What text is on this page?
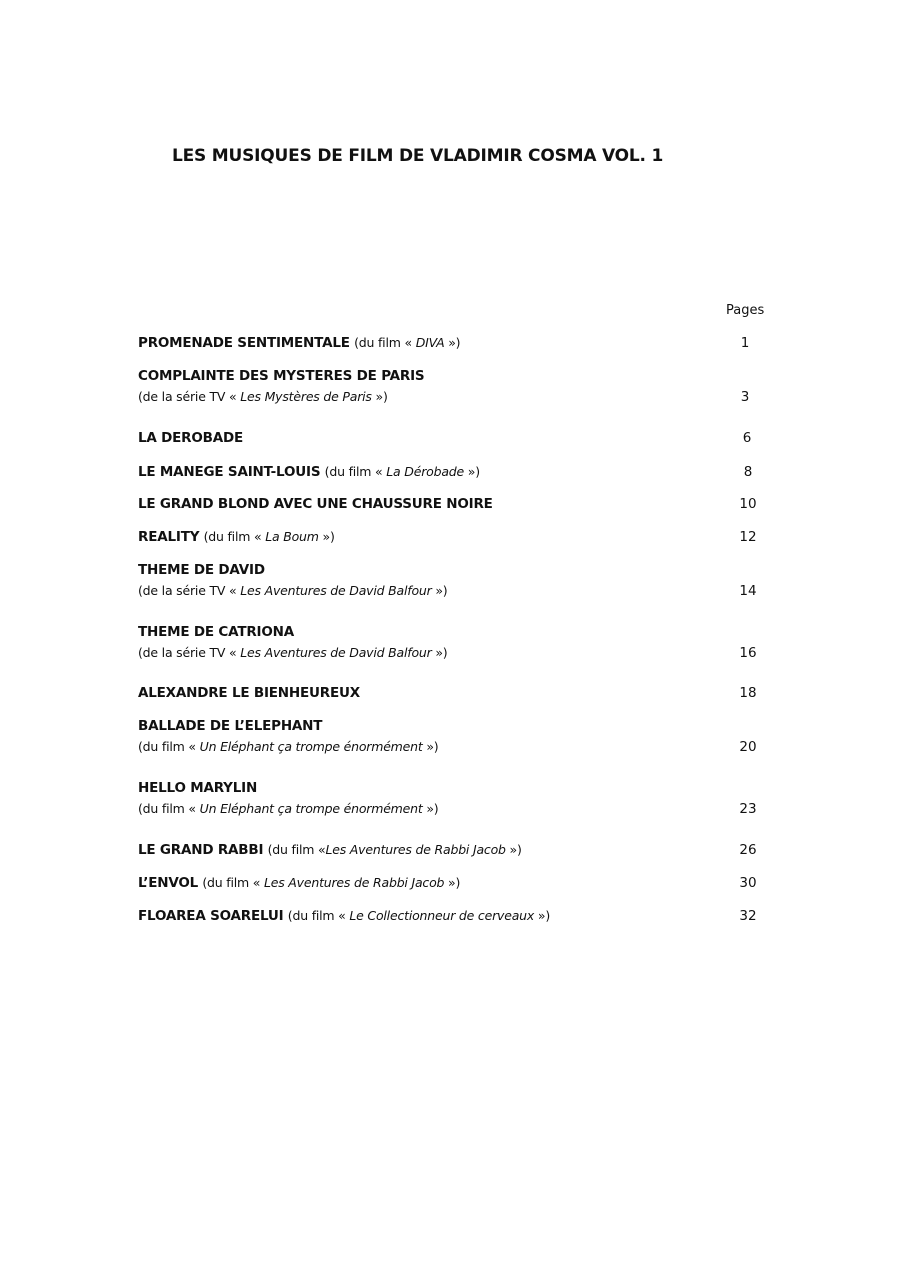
LES MUSIQUES DE FILM DE VLADIMIR COSMA VOL. 1
Pages
PROMENADE SENTIMENTALE (du film « DIVA »)	1
COMPLAINTE DES MYSTERES DE PARIS
(de la série TV « Les Mystères de Paris »)	3
LA DEROBADE	6
LE MANEGE SAINT-LOUIS (du film « La Dérobade »)	8
LE GRAND BLOND AVEC UNE CHAUSSURE NOIRE	10
REALITY (du film « La Boum »)	12
THEME DE DAVID
(de la série TV « Les Aventures de David Balfour »)	14
THEME DE CATRIONA
(de la série TV « Les Aventures de David Balfour »)	16
ALEXANDRE LE BIENHEUREUX	18
BALLADE DE L’ELEPHANT
(du film « Un Eléphant ça trompe énormément »)	20
HELLO MARYLIN
(du film « Un Eléphant ça trompe énormément »)	23
LE GRAND RABBI (du film «Les Aventures de Rabbi Jacob »)	26
L’ENVOL (du film « Les Aventures de Rabbi Jacob »)	30
FLOAREA SOARELUI (du film « Le Collectionneur de cerveaux »)	32
